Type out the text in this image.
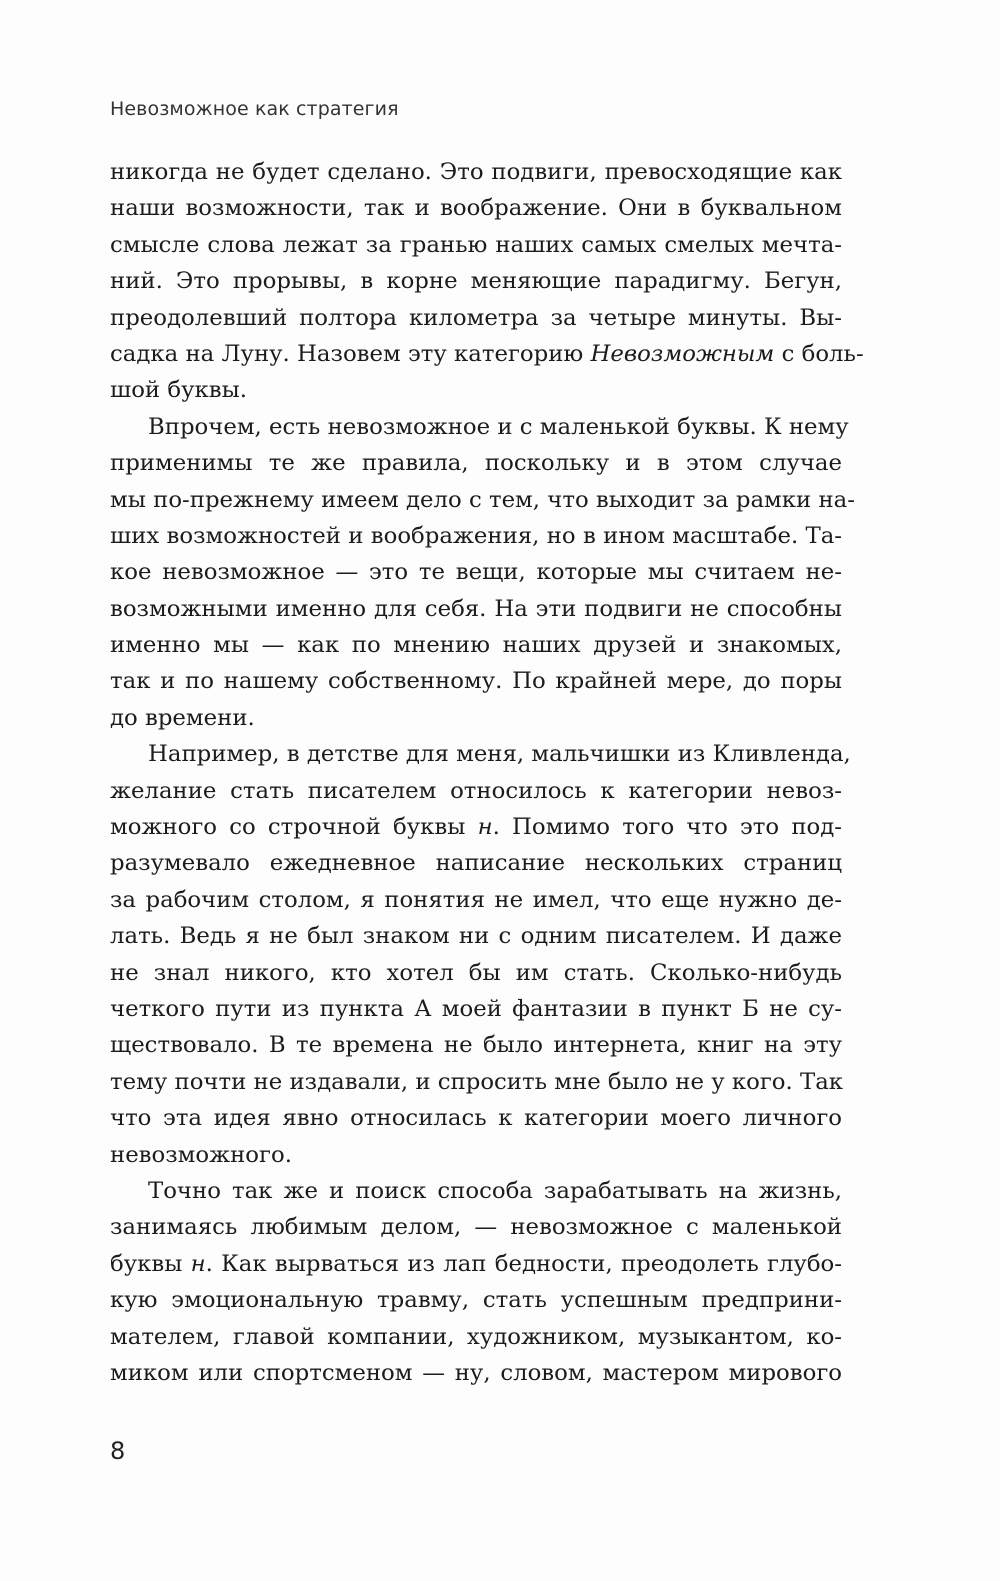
Невозможное как стратегия
никогда не будет сделано. Это подвиги, превосходящие как
наши возможности, так и воображение. Они в буквальном
смысле слова лежат за гранью наших самых смелых мечта-
ний. Это прорывы, в корне меняющие парадигму. Бегун,
преодолевший полтора километра за четыре минуты. Вы-
садка на Луну. Назовем эту категорию Невозможным с боль-
шой буквы.
Впрочем, есть невозможное и с маленькой буквы. К нему
применимы те же правила, поскольку и в этом случае
мы по-прежнему имеем дело с тем, что выходит за рамки на-
ших возможностей и воображения, но в ином масштабе. Та-
кое невозможное — это те вещи, которые мы считаем не-
возможными именно для себя. На эти подвиги не способны
именно мы — как по мнению наших друзей и знакомых,
так и по нашему собственному. По крайней мере, до поры
до времени.
Например, в детстве для меня, мальчишки из Кливленда,
желание стать писателем относилось к категории невоз-
можного со строчной буквы н. Помимо того что это под-
разумевало ежедневное написание нескольких страниц
за рабочим столом, я понятия не имел, что еще нужно де-
лать. Ведь я не был знаком ни с одним писателем. И даже
не знал никого, кто хотел бы им стать. Сколько-нибудь
четкого пути из пункта А моей фантазии в пункт Б не су-
ществовало. В те времена не было интернета, книг на эту
тему почти не издавали, и спросить мне было не у кого. Так
что эта идея явно относилась к категории моего личного
невозможного.
Точно так же и поиск способа зарабатывать на жизнь,
занимаясь любимым делом, — невозможное с маленькой
буквы н. Как вырваться из лап бедности, преодолеть глубо-
кую эмоциональную травму, стать успешным предприни-
мателем, главой компании, художником, музыкантом, ко-
миком или спортсменом — ну, словом, мастером мирового
8
